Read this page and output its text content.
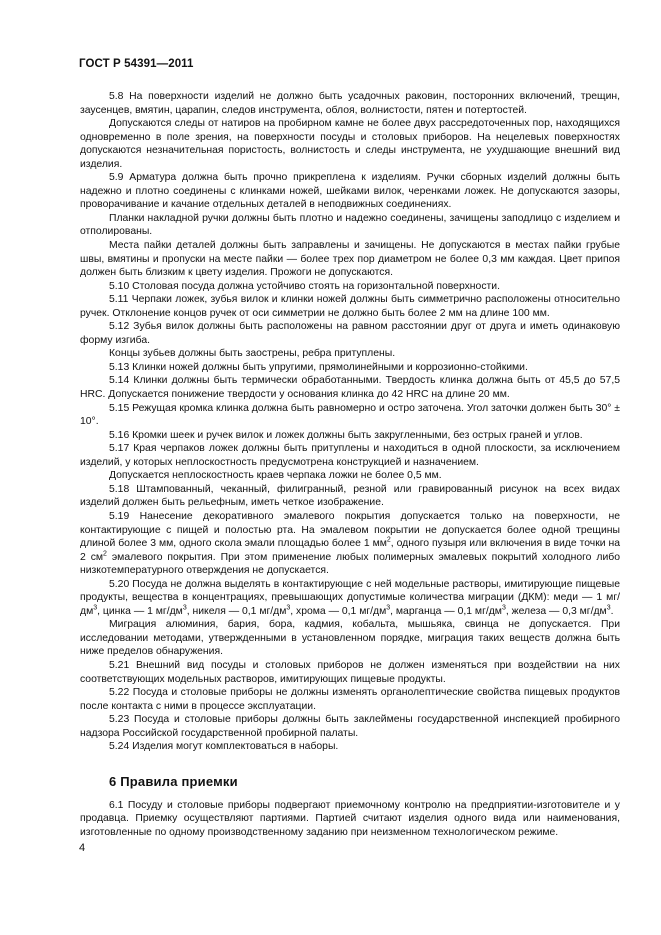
ГОСТ Р 54391—2011

5.8 На поверхности изделий не должно быть усадочных раковин, посторонних включений, трещин, заусенцев, вмятин, царапин, следов инструмента, облоя, волнистости, пятен и потертостей.

Допускаются следы от натиров на пробирном камне не более двух рассредоточенных пор, находящихся одновременно в поле зрения, на поверхности посуды и столовых приборов. На нецелевых поверхностях допускаются незначительная пористость, волнистость и следы инструмента, не ухудшающие внешний вид изделия.

5.9 Арматура должна быть прочно прикреплена к изделиям. Ручки сборных изделий должны быть надежно и плотно соединены с клинками ножей, шейками вилок, черенками ложек. Не допускаются зазоры, проворачивание и качание отдельных деталей в неподвижных соединениях.

Планки накладной ручки должны быть плотно и надежно соединены, зачищены заподлицо с изделием и отполированы.

Места пайки деталей должны быть заправлены и зачищены. Не допускаются в местах пайки грубые швы, вмятины и пропуски на месте пайки — более трех пор диаметром не более 0,3 мм каждая. Цвет припоя должен быть близким к цвету изделия. Прожоги не допускаются.

5.10 Столовая посуда должна устойчиво стоять на горизонтальной поверхности.

5.11 Черпаки ложек, зубья вилок и клинки ножей должны быть симметрично расположены относительно ручек. Отклонение концов ручек от оси симметрии не должно быть более 2 мм на длине 100 мм.

5.12 Зубья вилок должны быть расположены на равном расстоянии друг от друга и иметь одинаковую форму изгиба.

Концы зубьев должны быть заострены, ребра притуплены.

5.13 Клинки ножей должны быть упругими, прямолинейными и коррозионно-стойкими.

5.14 Клинки должны быть термически обработанными. Твердость клинка должна быть от 45,5 до 57,5 HRC. Допускается понижение твердости у основания клинка до 42 HRC на длине 20 мм.

5.15 Режущая кромка клинка должна быть равномерно и остро заточена. Угол заточки должен быть 30° ± 10°.

5.16 Кромки шеек и ручек вилок и ложек должны быть закругленными, без острых граней и углов.

5.17 Края черпаков ложек должны быть притуплены и находиться в одной плоскости, за исключением изделий, у которых неплоскостность предусмотрена конструкцией и назначением.

Допускается неплоскостность краев черпака ложки не более 0,5 мм.

5.18 Штампованный, чеканный, филигранный, резной или гравированный рисунок на всех видах изделий должен быть рельефным, иметь четкое изображение.

5.19 Нанесение декоративного эмалевого покрытия допускается только на поверхности, не контактирующие с пищей и полостью рта. На эмалевом покрытии не допускается более одной трещины длиной более 3 мм, одного скола эмали площадью более 1 $мм^2$, одного пузыря или включения в виде точки на 2 $см^2$ эмалевого покрытия. При этом применение любых полимерных эмалевых покрытий холодного либо низкотемпературного отверждения не допускается.

5.20 Посуда не должна выделять в контактирующие с ней модельные растворы, имитирующие пищевые продукты, вещества в концентрациях, превышающих допустимые количества миграции (ДКМ): меди — 1 $мг/дм^3$, цинка — 1 $мг/дм^3$, никеля — 0,1 $мг/дм^3$, хрома — 0,1 $мг/дм^3$, марганца — 0,1 $мг/дм^3$, железа — 0,3 $мг/дм^3$.

Миграция алюминия, бария, бора, кадмия, кобальта, мышьяка, свинца не допускается. При исследовании методами, утвержденными в установленном порядке, миграция таких веществ должна быть ниже пределов обнаружения.

5.21 Внешний вид посуды и столовых приборов не должен изменяться при воздействии на них соответствующих модельных растворов, имитирующих пищевые продукты.

5.22 Посуда и столовые приборы не должны изменять органолептические свойства пищевых продуктов после контакта с ними в процессе эксплуатации.

5.23 Посуда и столовые приборы должны быть заклеймены государственной инспекцией пробирного надзора Российской государственной пробирной палаты.

5.24 Изделия могут комплектоваться в наборы.

6 Правила приемки

6.1 Посуду и столовые приборы подвергают приемочному контролю на предприятии-изготовителе и у продавца. Приемку осуществляют партиями. Партией считают изделия одного вида или наименования, изготовленные по одному производственному заданию при неизменном технологическом режиме.

4
